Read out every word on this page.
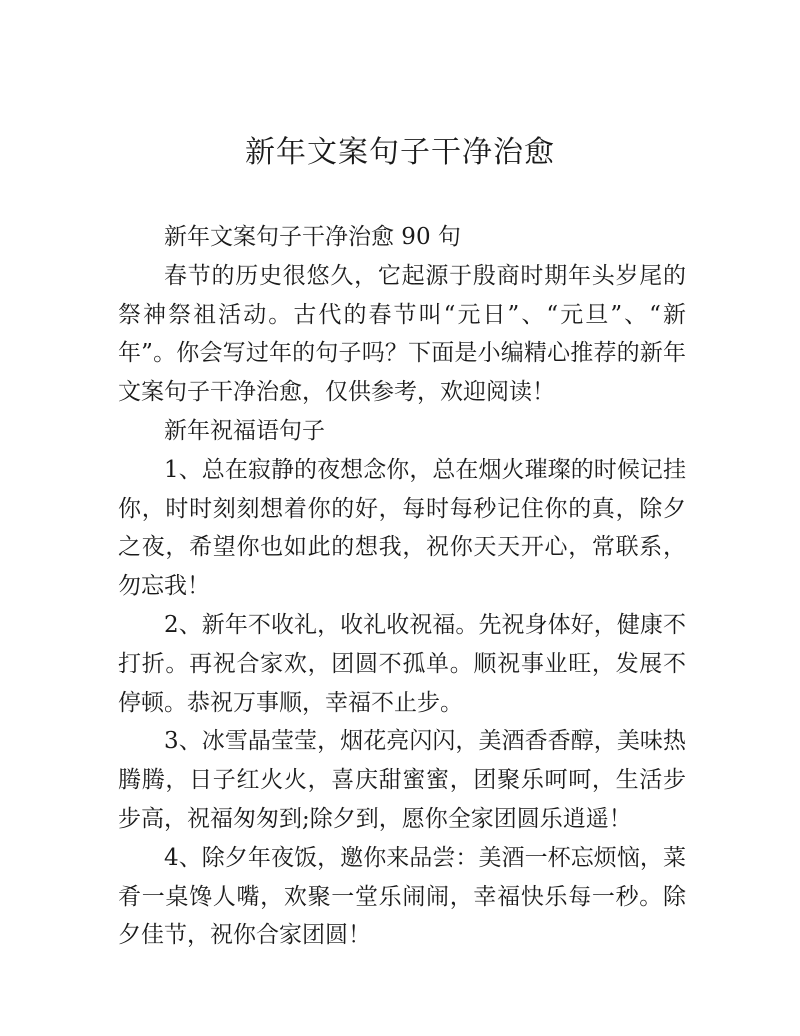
新年文案句子干净治愈

新年文案句子干净治愈 90 句

春节的历史很悠久，它起源于殷商时期年头岁尾的祭神祭祖活动。古代的春节叫“元日”、“元旦”、“新年”。你会写过年的句子吗？下面是小编精心推荐的新年文案句子干净治愈，仅供参考，欢迎阅读！

新年祝福语句子

1、总在寂静的夜想念你，总在烟火璀璨的时候记挂你，时时刻刻想着你的好，每时每秒记住你的真，除夕之夜，希望你也如此的想我，祝你天天开心，常联系，勿忘我！

2、新年不收礼，收礼收祝福。先祝身体好，健康不打折。再祝合家欢，团圆不孤单。顺祝事业旺，发展不停顿。恭祝万事顺，幸福不止步。

3、冰雪晶莹莹，烟花亮闪闪，美酒香香醇，美味热腾腾，日子红火火，喜庆甜蜜蜜，团聚乐呵呵，生活步步高，祝福匆匆到;除夕到，愿你全家团圆乐逍遥！

4、除夕年夜饭，邀你来品尝：美酒一杯忘烦恼，菜肴一桌馋人嘴，欢聚一堂乐闹闹，幸福快乐每一秒。除夕佳节，祝你合家团圆！
